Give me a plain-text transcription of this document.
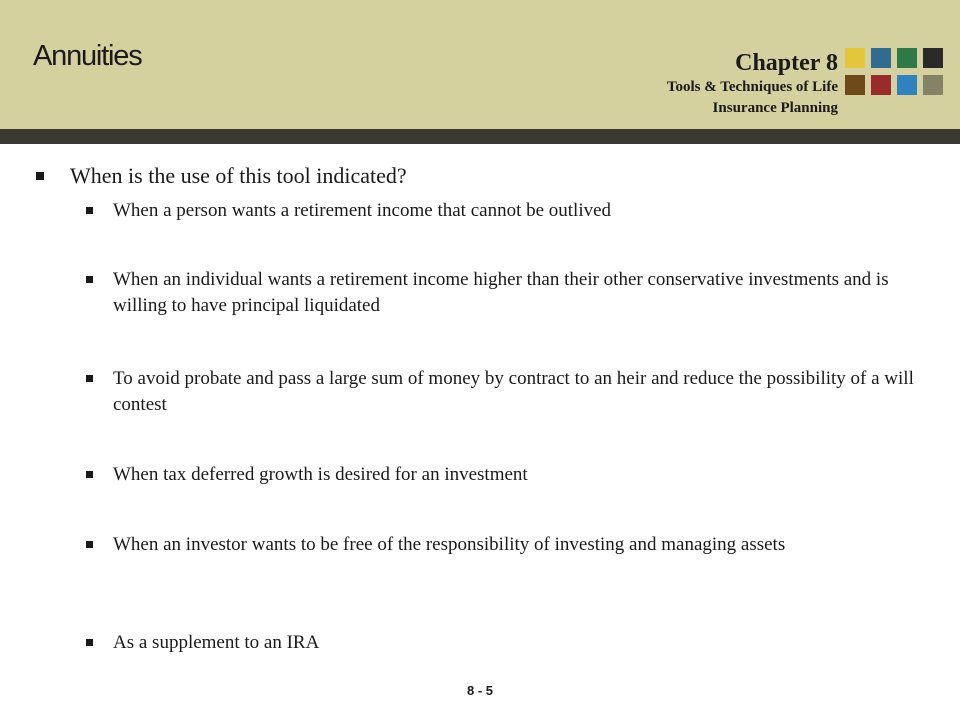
Annuities	Chapter 8
Tools & Techniques of Life
Insurance Planning
When is the use of this tool indicated?
When a person wants a retirement income that cannot be outlived
When an individual wants a retirement income higher than their other conservative investments and is willing to have principal liquidated
To avoid probate and pass a large sum of money by contract to an heir and reduce the possibility of a will contest
When tax deferred growth is desired for an investment
When an investor wants to be free of the responsibility of investing and managing assets
As a supplement to an IRA
8 - 5
